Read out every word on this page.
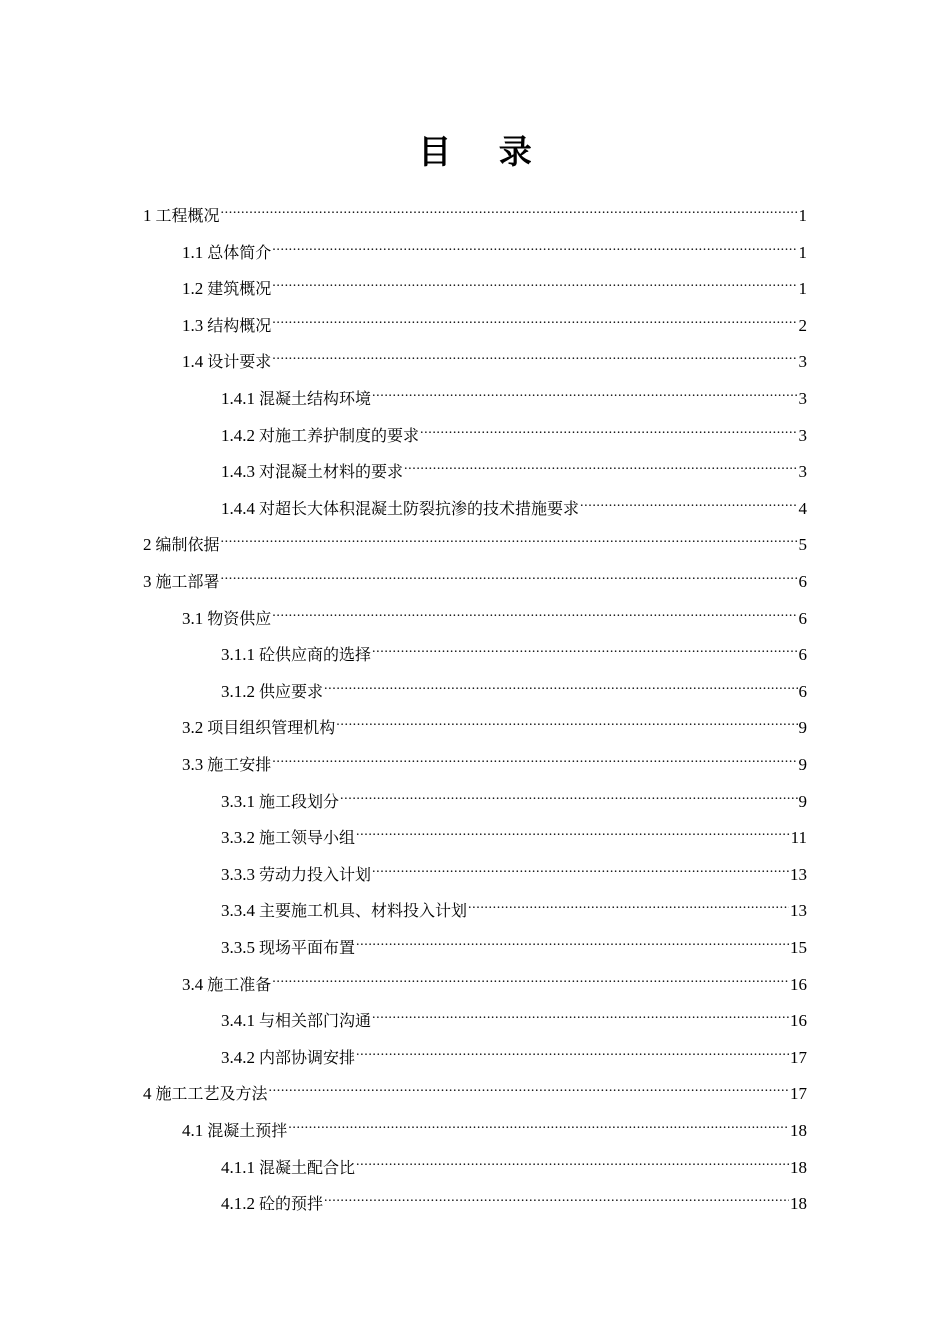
目 录
1 工程概况 .....	1
1.1 总体简介 .....	1
1.2 建筑概况 .....	1
1.3 结构概况 .....	2
1.4 设计要求 .....	3
1.4.1 混凝土结构环境 .....	3
1.4.2 对施工养护制度的要求 .....	3
1.4.3 对混凝土材料的要求 .....	3
1.4.4 对超长大体积混凝土防裂抗渗的技术措施要求 .....	4
2 编制依据 .....	5
3 施工部署 .....	6
3.1 物资供应 .....	6
3.1.1 砼供应商的选择 .....	6
3.1.2 供应要求 .....	6
3.2 项目组织管理机构 .....	9
3.3 施工安排 .....	9
3.3.1 施工段划分 .....	9
3.3.2 施工领导小组 .....	11
3.3.3 劳动力投入计划 .....	13
3.3.4 主要施工机具、材料投入计划 .....	13
3.3.5 现场平面布置 .....	15
3.4 施工准备 .....	16
3.4.1 与相关部门沟通 .....	16
3.4.2 内部协调安排 .....	17
4 施工工艺及方法 .....	17
4.1 混凝土预拌 .....	18
4.1.1 混凝土配合比 .....	18
4.1.2 砼的预拌 .....	18
